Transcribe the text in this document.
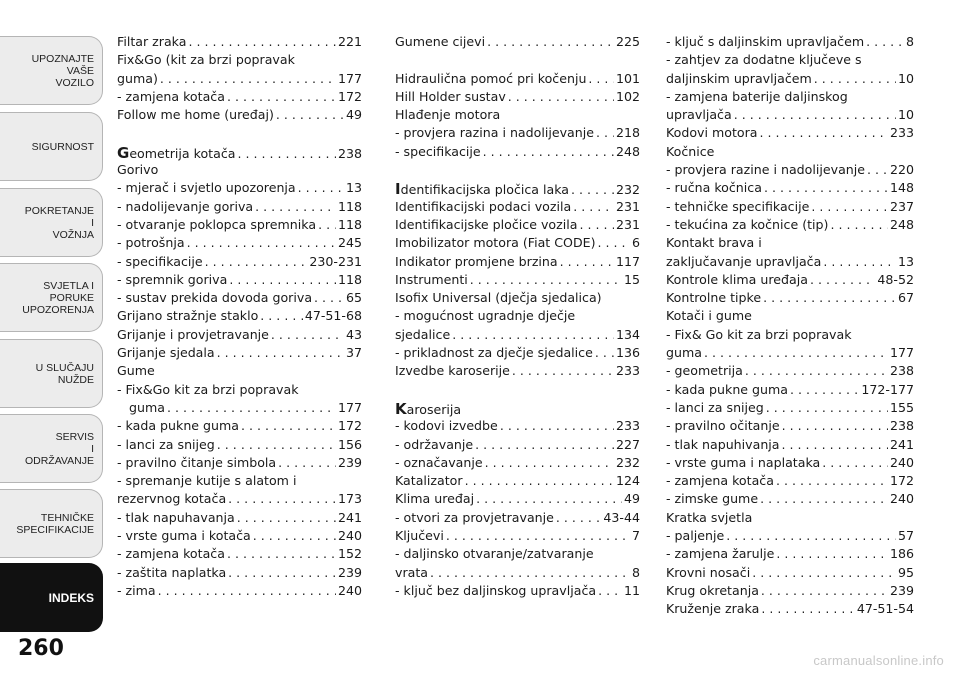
UPOZNAJTE
VAŠE
VOZILO
SIGURNOST
POKRETANJE
I
VOŽNJA
SVJETLA I
PORUKE
UPOZORENJA
U SLUČAJU
NUŽDE
SERVIS
I
ODRŽAVANJE
TEHNIČKE
SPECIFIKACIJE
INDEKS
260	carmanualsonline.info
Filtar zraka . . .	221
Fix&Go (kit za brzi popravak
guma) . . .	177
- zamjena kotača . . .	172
Follow me home (uređaj) . . .	49
Geometrija kotača . . .	238
Gorivo
- mjerač i svjetlo upozorenja . . .	13
- nadolijevanje goriva . . .	118
- otvaranje poklopca spremnika . . . 118
- potrošnja . . .	245
- specifikacije . . .	230-231
- spremnik goriva . . .	118
- sustav prekida dovoda goriva . . .	65
Grijano stražnje staklo . . .	47-51-68
Grijanje i provjetravanje . . .	43
Grijanje sjedala . . .	37
Gume
- Fix&Go kit za brzi popravak
guma . . .	177
- kada pukne guma . . .	172
- lanci za snijeg . . .	156
- pravilno čitanje simbola . . .	239
- spremanje kutije s alatom i
rezervnog kotača . . .	173
- tlak napuhavanja . . .	241
- vrste guma i kotača . . .	240
- zamjena kotača . . .	152
- zaštita naplatka . . .	239
- zima . . .	240
Gumene cijevi . . .	225
Hidraulična pomoć pri kočenju . . . 101
Hill Holder sustav . . .	102
Hlađenje motora
- provjera razina i nadolijevanje . . . 218
- specifikacije . . .	248
Identifikacijska pločica laka . . .	232
Identifikacijski podaci vozila . . .	231
Identifikacijske pločice vozila . . .	231
Imobilizator motora (Fiat CODE) . . .	6
Indikator promjene brzina . . .	117
Instrumenti . . .	15
Isofix Universal (dječja sjedalica)
- mogućnost ugradnje dječje
sjedalice . . .	134
- prikladnost za dječje sjedalice . . . 136
Izvedbe karoserije . . .	233
Karoserija
- kodovi izvedbe . . .	233
- održavanje . . .	227
- označavanje . . .	232
Katalizator . . .	124
Klima uređaj . . .	49
- otvori za provjetravanje . . .	43-44
Ključevi . . .	7
- daljinsko otvaranje/zatvaranje
vrata . . .	8
- ključ bez daljinskog upravljača . . . 11
- ključ s daljinskim upravljačem . . .	8
- zahtjev za dodatne ključeve s
daljinskim upravljačem . . .	10
- zamjena baterije daljinskog
upravljača . . .	10
Kodovi motora . . .	233
Kočnice
- provjera razine i nadolijevanje . . . 220
- ručna kočnica . . .	148
- tehničke specifikacije . . .	237
- tekućina za kočnice (tip) . . .	248
Kontakt brava i
zaključavanje upravljača . . .	13
Kontrole klima uređaja . . .	48-52
Kontrolne tipke . . .	67
Kotači i gume
- Fix& Go kit za brzi popravak
guma . . .	177
- geometrija . . .	238
- kada pukne guma . . .	172-177
- lanci za snijeg . . .	155
- pravilno očitanje . . .	238
- tlak napuhivanja . . .	241
- vrste guma i naplataka . . .	240
- zamjena kotača . . .	172
- zimske gume . . .	240
Kratka svjetla
- paljenje . . .	57
- zamjena žarulje . . .	186
Krovni nosači . . .	95
Krug okretanja . . .	239
Kruženje zraka . . .	47-51-54
